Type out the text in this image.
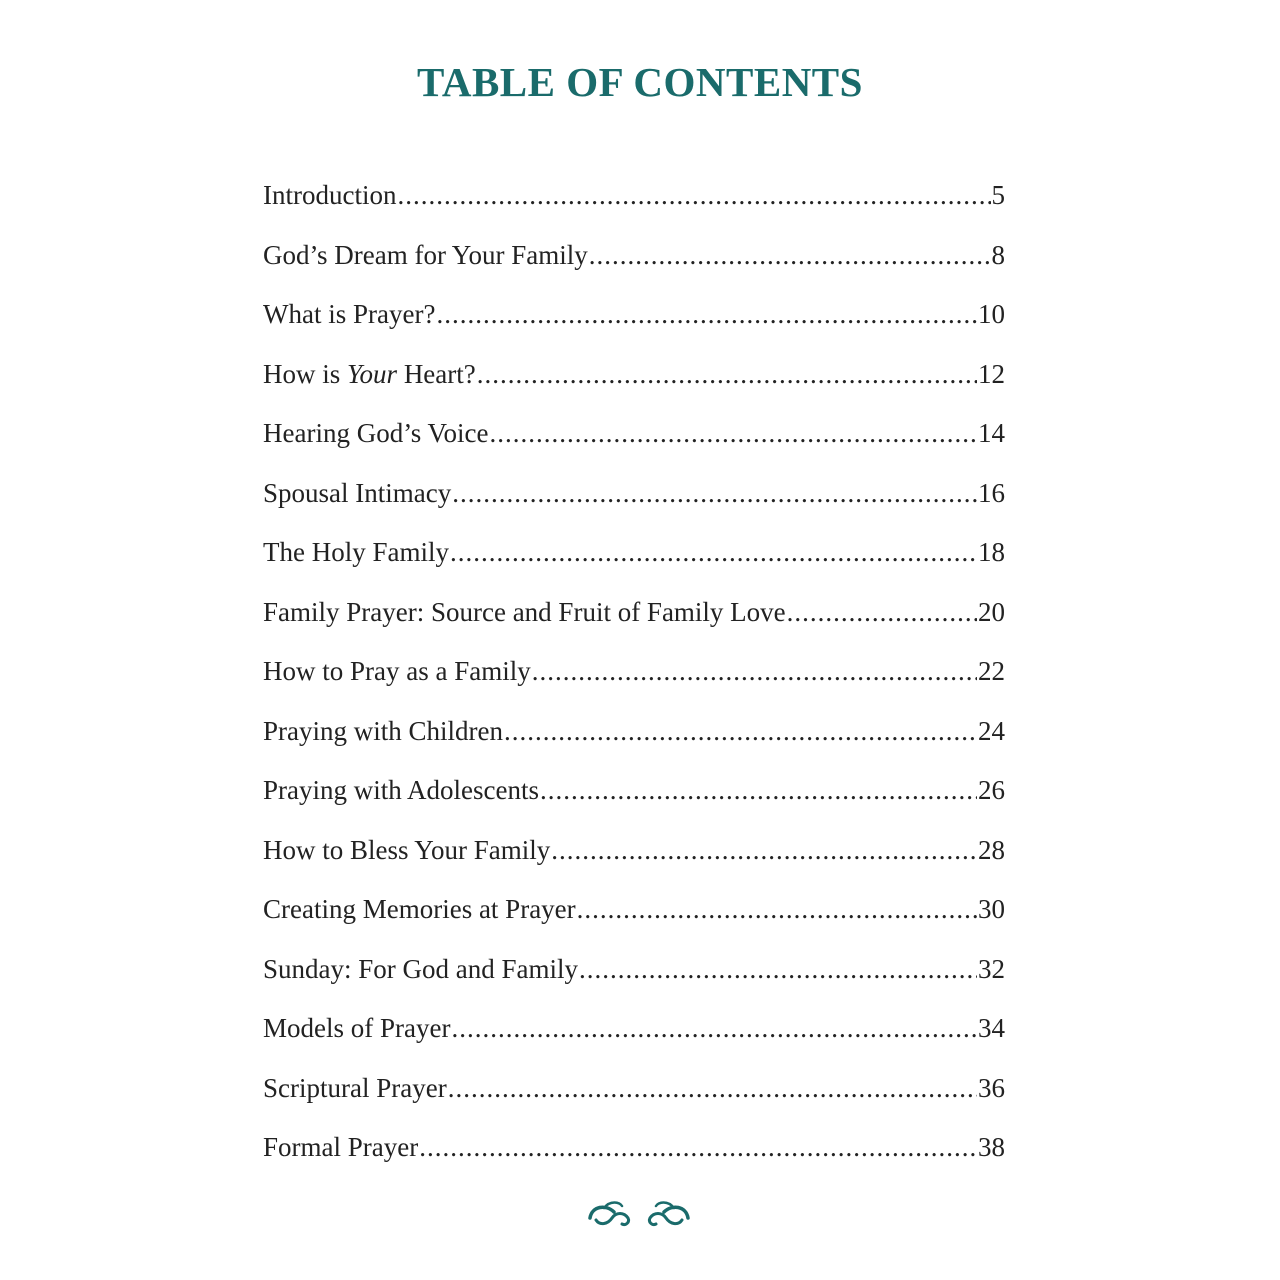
TABLE OF CONTENTS
Introduction .....	5
God’s Dream for Your Family .....	8
What is Prayer? .....	10
How is Your Heart? .....	12
Hearing God’s Voice .....	14
Spousal Intimacy .....	16
The Holy Family .....	18
Family Prayer: Source and Fruit of Family Love .....	20
How to Pray as a Family .....	22
Praying with Children .....	24
Praying with Adolescents .....	26
How to Bless Your Family .....	28
Creating Memories at Prayer .....	30
Sunday: For God and Family .....	32
Models of Prayer .....	34
Scriptural Prayer .....	36
Formal Prayer .....	38
